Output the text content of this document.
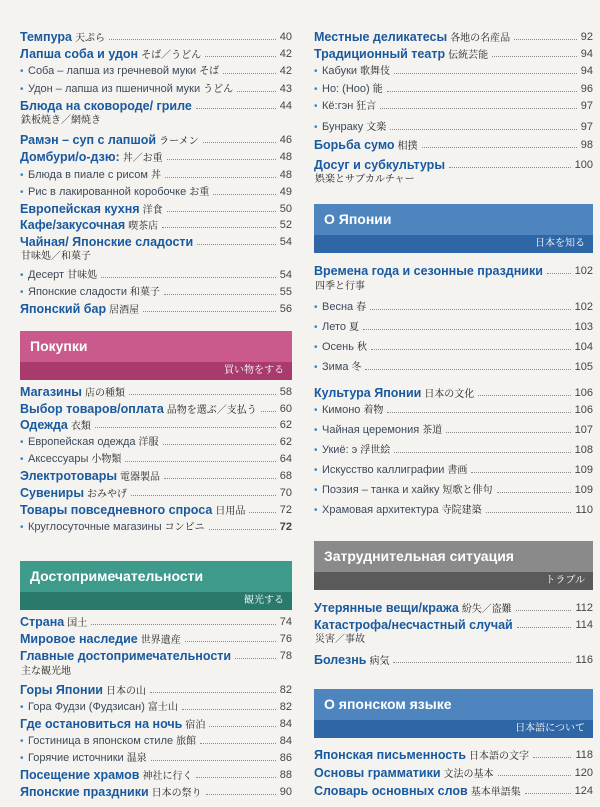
Темпура 天ぷら	40
Лапша соба и удон そば／うどん	42
• Соба – лапша из гречневой муки そば	42
• Удон – лапша из пшеничной муки うどん	43
Блюда на сковороде/ гриле	44
鉄板焼き／網焼き
Рамэн – суп с лапшой ラーメン	46
Домбури/о-дзю: 丼／お重	48
• Блюда в пиале с рисом 丼	48
• Рис в лакированной коробочке お重	49
Европейская кухня 洋食	50
Кафе/закусочная 喫茶店	52
Чайная/ Японские сладости	54
甘味処／和菓子
• Десерт 甘味処	54
• Японские сладости 和菓子	55
Японский бар 居酒屋	56
Магазины 店の種類	58
Выбор товаров/оплата 品物を選ぶ／支払う 60
Одежда 衣類	62
• Европейская одежда 洋服	62
• Аксессуары 小物類	64
Электротовары 電器製品	68
Сувениры おみやげ	70
Товары повседневного спроса 日用品	72
• Круглосуточные магазины コンビニ	72
Страна 国土	74
Мировое наследие 世界遺産	76
Главные достопримечательности	78
主な観光地
Горы Японии 日本の山	82
• Гора Фудзи (Фудзисан) 富士山	82
Где остановиться на ночь 宿泊	84
• Гостиница в японском стиле 旅館	84
• Горячие источники 温泉	86
Посещение храмов 神社に行く	88
Японские праздники 日本の祭り	90
Покупки
買い物をする
Достопримечательности
観光する
Местные деликатесы 各地の名産品	92
Традиционный театр 伝統芸能	94
• Кабуки 歌舞伎	94
• Но: (Ноо) 能	96
• Кё:гэн 狂言	97
• Бунраку 文楽	97
Борьба сумо 相撲	98
Досуг и субкультуры	100
娯楽とサブカルチャー
Времена года и сезонные праздники	102
四季と行事
• Весна 春	102
• Лето 夏	103
• Осень 秋	104
• Зима 冬	105
Культура Японии 日本の文化	106
• Кимоно 着物	106
• Чайная церемония 茶道	107
• Укиё: э 浮世絵	108
• Искусство каллиграфии 書画	109
• Поэзия – танка и хайку 短歌と俳句	109
• Храмовая архитектура 寺院建築	110
Утерянные вещи/кража 紛失／盗難	112
Катастрофа/несчастный случай	114
災害／事故
Болезнь 病気	116
Японская письменность 日本語の文字	118
Основы грамматики 文法の基本	120
Словарь основных слов 基本単語集	124
О Японии
日本を知る
Затруднительная ситуация
トラブル
О японском языке
日本語について
